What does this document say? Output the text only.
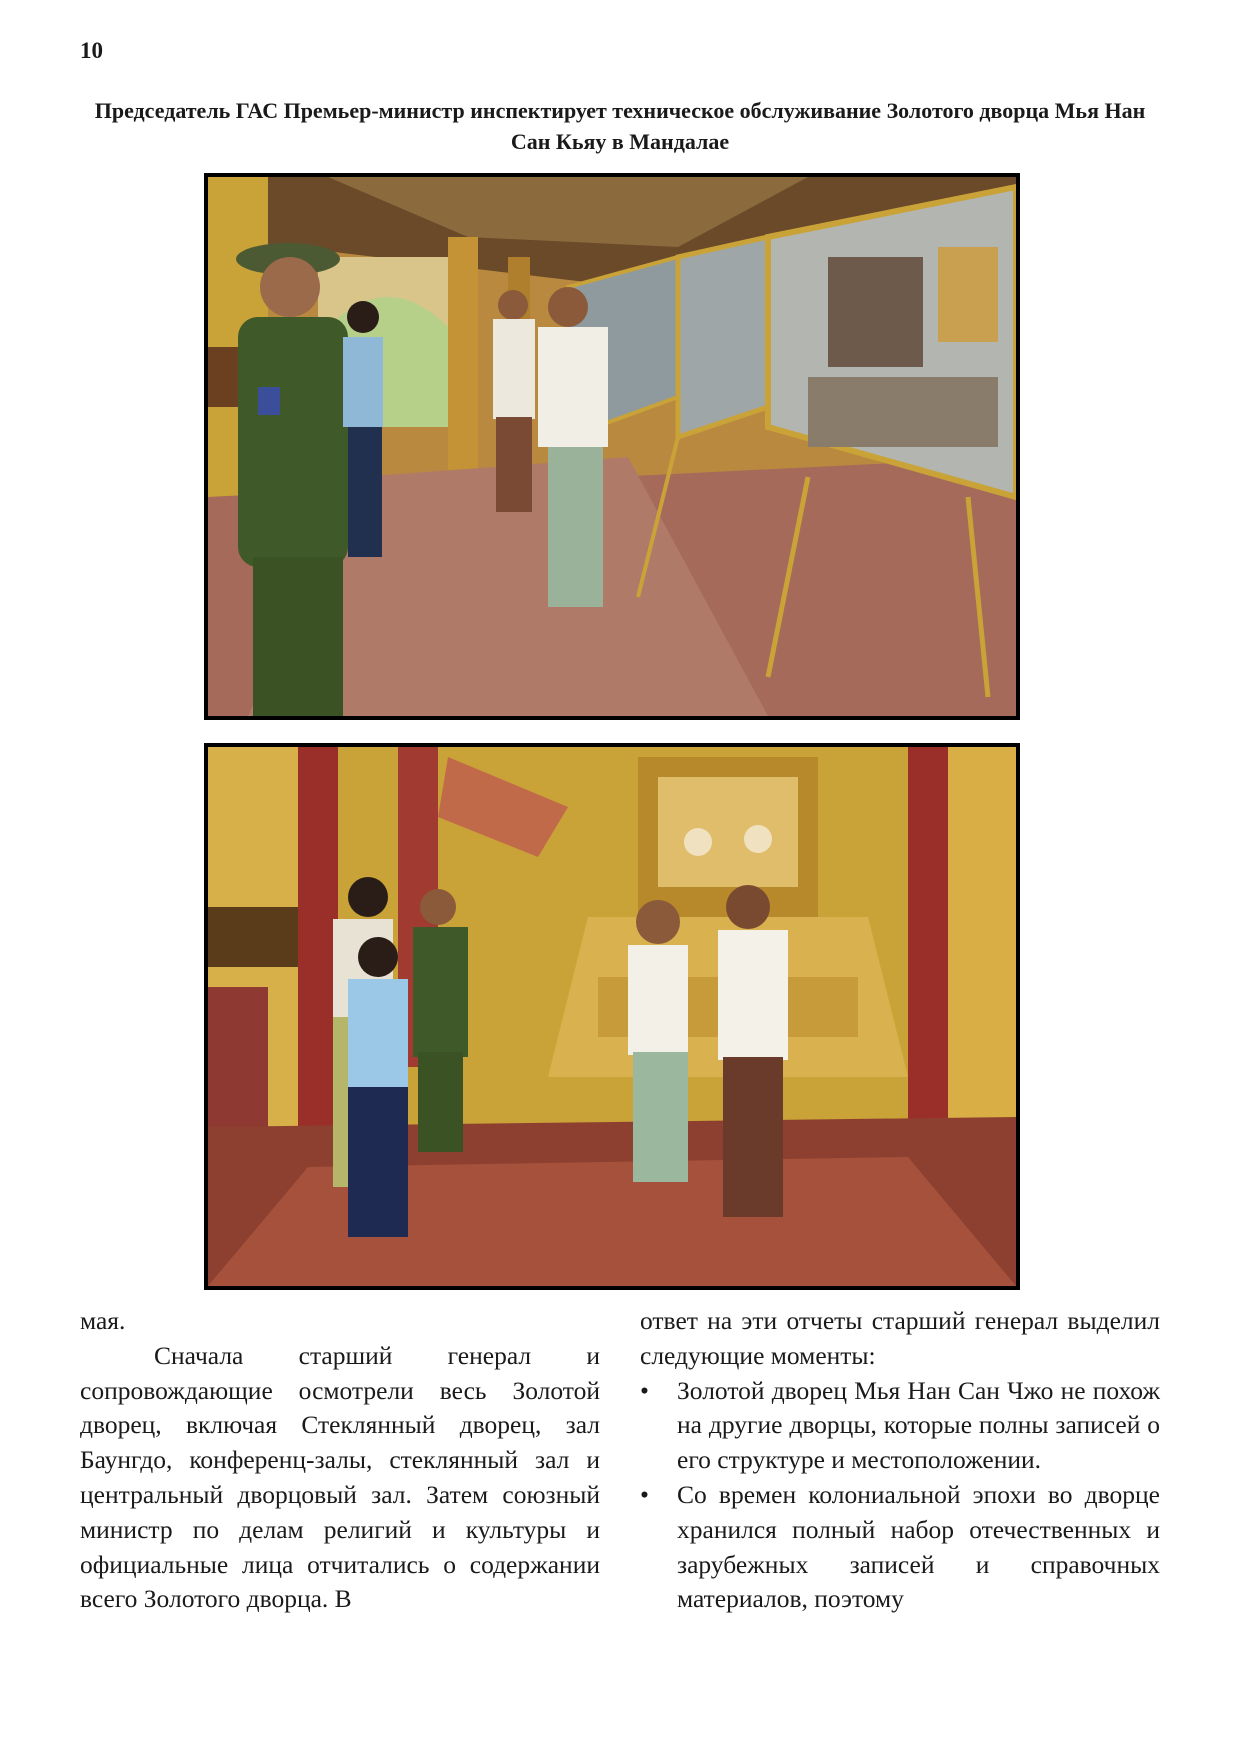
10
Председатель ГАС Премьер-министр инспектирует техническое обслуживание Золотого дворца Мья Нан Сан Кьяу в Мандалае

мая.

Сначала старший генерал и сопровождающие осмотрели весь Золотой дворец, включая Стеклянный дворец, зал Баунгдо, конференц-залы, стеклянный зал и центральный дворцовый зал. Затем союзный министр по делам религий и культуры и официальные лица отчитались о содержании всего Золотого дворца. В

ответ на эти отчеты старший генерал выделил следующие моменты:

• Золотой дворец Мья Нан Сан Чжо не похож на другие дворцы, которые полны записей о его структуре и местоположении.
• Со времен колониальной эпохи во дворце хранился полный набор отечественных и зарубежных записей и справочных материалов, поэтому
